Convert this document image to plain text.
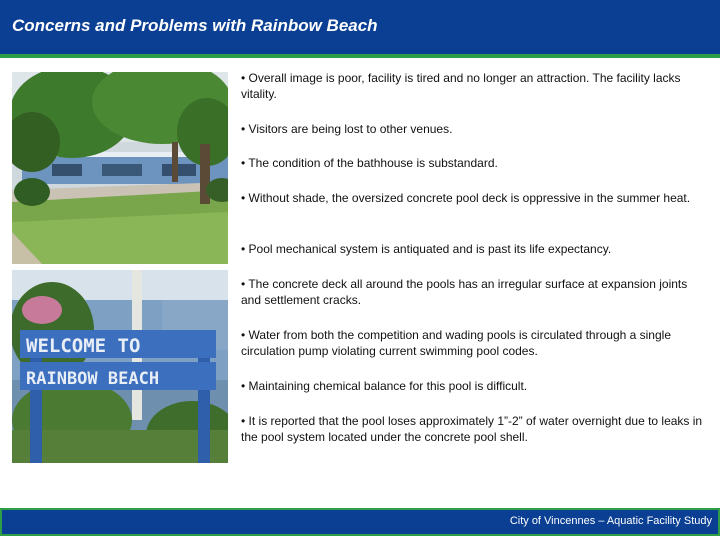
Concerns and Problems with Rainbow Beach
WELCOME TO
RAINBOW BEACH
• Overall image is poor, facility is tired and no longer an attraction. The facility lacks vitality.
• Visitors are being lost to other venues.
• The condition of the bathhouse is substandard.
• Without shade, the oversized concrete pool deck is oppressive in the summer heat.
• Pool mechanical system is antiquated and is past its life expectancy.
• The concrete deck all around the pools has an irregular surface at expansion joints and settlement cracks.
• Water from both the competition and wading pools is circulated through a single circulation pump violating current swimming pool codes.
• Maintaining chemical balance for this pool is difficult.
• It is reported that the pool loses approximately 1”-2” of water overnight due to leaks in the pool system located under the concrete pool shell.
City of Vincennes – Aquatic Facility Study
